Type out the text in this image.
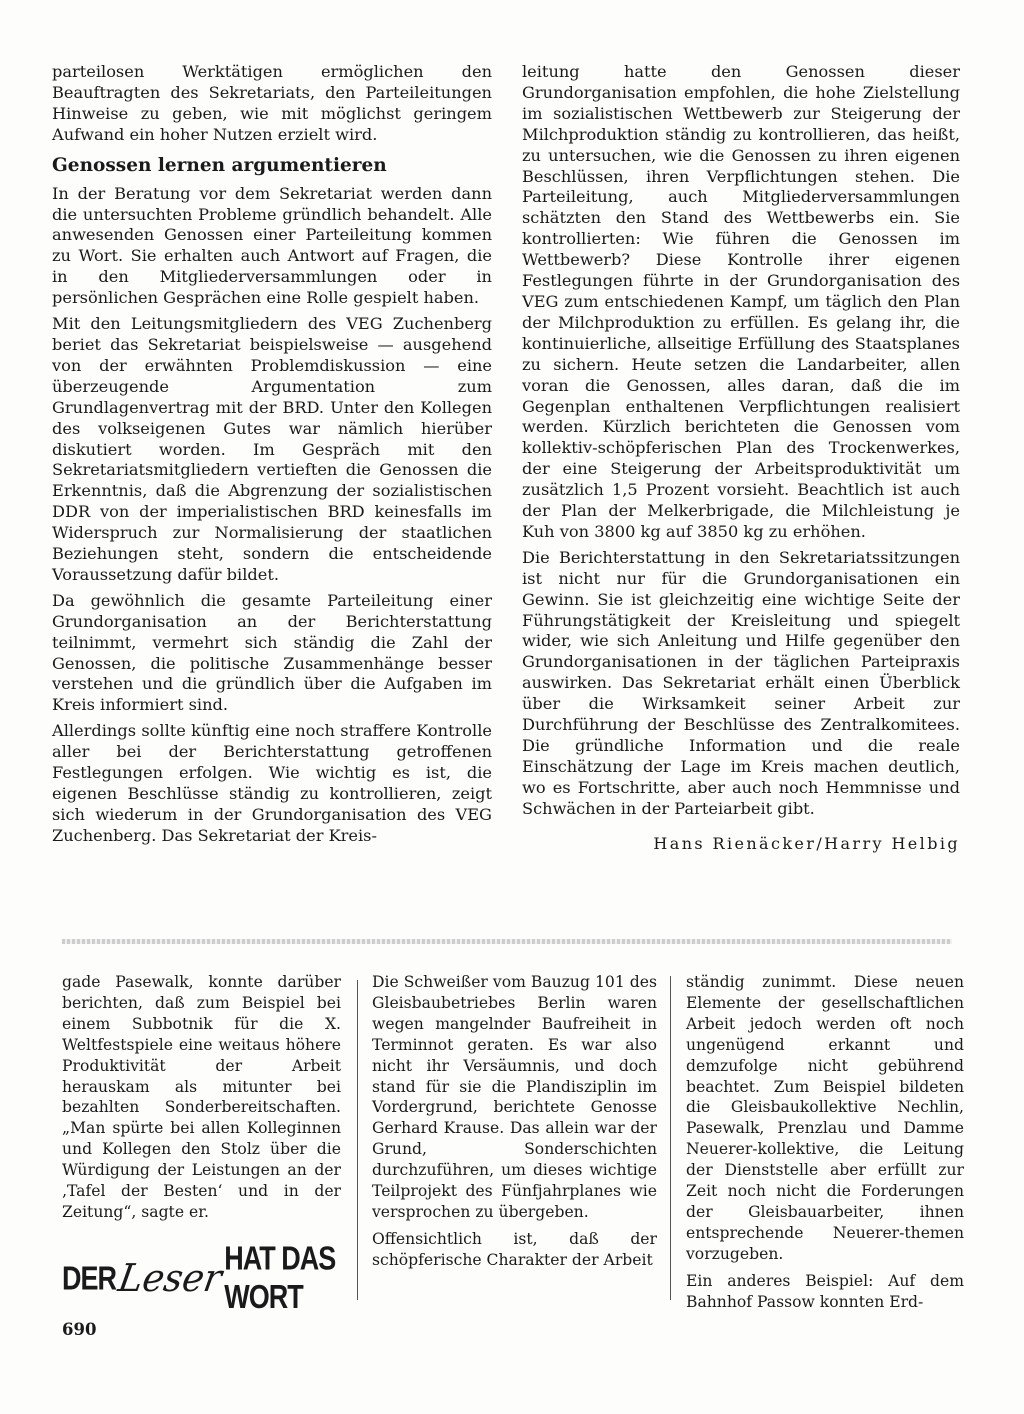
parteilosen Werktätigen ermöglichen den Beauftragten des Sekretariats, den Parteileitungen Hinweise zu geben, wie mit möglichst geringem Aufwand ein hoher Nutzen erzielt wird.

Genossen lernen argumentieren

In der Beratung vor dem Sekretariat werden dann die untersuchten Probleme gründlich behandelt. Alle anwesenden Genossen einer Parteileitung kommen zu Wort. Sie erhalten auch Antwort auf Fragen, die in den Mitgliederversammlungen oder in persönlichen Gesprächen eine Rolle gespielt haben.

Mit den Leitungsmitgliedern des VEG Zuchenberg beriet das Sekretariat beispielsweise — ausgehend von der erwähnten Problemdiskussion — eine überzeugende Argumentation zum Grundlagenvertrag mit der BRD. Unter den Kollegen des volkseigenen Gutes war nämlich hierüber diskutiert worden. Im Gespräch mit den Sekretariatsmitgliedern vertieften die Genossen die Erkenntnis, daß die Abgrenzung der sozialistischen DDR von der imperialistischen BRD keinesfalls im Widerspruch zur Normalisierung der staatlichen Beziehungen steht, sondern die entscheidende Voraussetzung dafür bildet.

Da gewöhnlich die gesamte Parteileitung einer Grundorganisation an der Berichterstattung teilnimmt, vermehrt sich ständig die Zahl der Genossen, die politische Zusammenhänge besser verstehen und die gründlich über die Aufgaben im Kreis informiert sind.

Allerdings sollte künftig eine noch straffere Kontrolle aller bei der Berichterstattung getroffenen Festlegungen erfolgen. Wie wichtig es ist, die eigenen Beschlüsse ständig zu kontrollieren, zeigt sich wiederum in der Grundorganisation des VEG Zuchenberg. Das Sekretariat der Kreis-

leitung hatte den Genossen dieser Grundorganisation empfohlen, die hohe Zielstellung im sozialistischen Wettbewerb zur Steigerung der Milchproduktion ständig zu kontrollieren, das heißt, zu untersuchen, wie die Genossen zu ihren eigenen Beschlüssen, ihren Verpflichtungen stehen. Die Parteileitung, auch Mitgliederversammlungen schätzten den Stand des Wettbewerbs ein. Sie kontrollierten: Wie führen die Genossen im Wettbewerb? Diese Kontrolle ihrer eigenen Festlegungen führte in der Grundorganisation des VEG zum entschiedenen Kampf, um täglich den Plan der Milchproduktion zu erfüllen. Es gelang ihr, die kontinuierliche, allseitige Erfüllung des Staatsplanes zu sichern. Heute setzen die Landarbeiter, allen voran die Genossen, alles daran, daß die im Gegenplan enthaltenen Verpflichtungen realisiert werden. Kürzlich berichteten die Genossen vom kollektiv-schöpferischen Plan des Trockenwerkes, der eine Steigerung der Arbeitsproduktivität um zusätzlich 1,5 Prozent vorsieht. Beachtlich ist auch der Plan der Melkerbrigade, die Milchleistung je Kuh von 3800 kg auf 3850 kg zu erhöhen.

Die Berichterstattung in den Sekretariatssitzungen ist nicht nur für die Grundorganisationen ein Gewinn. Sie ist gleichzeitig eine wichtige Seite der Führungstätigkeit der Kreisleitung und spiegelt wider, wie sich Anleitung und Hilfe gegenüber den Grundorganisationen in der täglichen Parteipraxis auswirken. Das Sekretariat erhält einen Überblick über die Wirksamkeit seiner Arbeit zur Durchführung der Beschlüsse des Zentralkomitees. Die gründliche Information und die reale Einschätzung der Lage im Kreis machen deutlich, wo es Fortschritte, aber auch noch Hemmnisse und Schwächen in der Parteiarbeit gibt.

Hans Rienäcker/Harry Helbig

gade Pasewalk, konnte darüber berichten, daß zum Beispiel bei einem Subbotnik für die X. Weltfestspiele eine weitaus höhere Produktivität der Arbeit herauskam als mitunter bei bezahlten Sonderbereitschaften. „Man spürte bei allen Kolleginnen und Kollegen den Stolz über die Würdigung der Leistungen an der ‚Tafel der Besten‘ und in der Zeitung“, sagte er.

Die Schweißer vom Bauzug 101 des Gleisbaubetriebes Berlin waren wegen mangelnder Baufreiheit in Terminnot geraten. Es war also nicht ihr Versäumnis, und doch stand für sie die Plandisziplin im Vordergrund, berichtete Genosse Gerhard Krause. Das allein war der Grund, Sonderschichten durchzuführen, um dieses wichtige Teilprojekt des Fünfjahrplanes wie versprochen zu übergeben.

Offensichtlich ist, daß der schöpferische Charakter der Arbeit

ständig zunimmt. Diese neuen Elemente der gesellschaftlichen Arbeit jedoch werden oft noch ungenügend erkannt und demzufolge nicht gebührend beachtet. Zum Beispiel bildeten die Gleisbaukollektive Nechlin, Pasewalk, Prenzlau und Damme Neuerer-kollektive, die Leitung der Dienststelle aber erfüllt zur Zeit noch nicht die Forderungen der Gleisbauarbeiter, ihnen entsprechende Neuerer-themen vorzugeben.

Ein anderes Beispiel: Auf dem Bahnhof Passow konnten Erd-

DER Leser HAT DAS WORT
690
